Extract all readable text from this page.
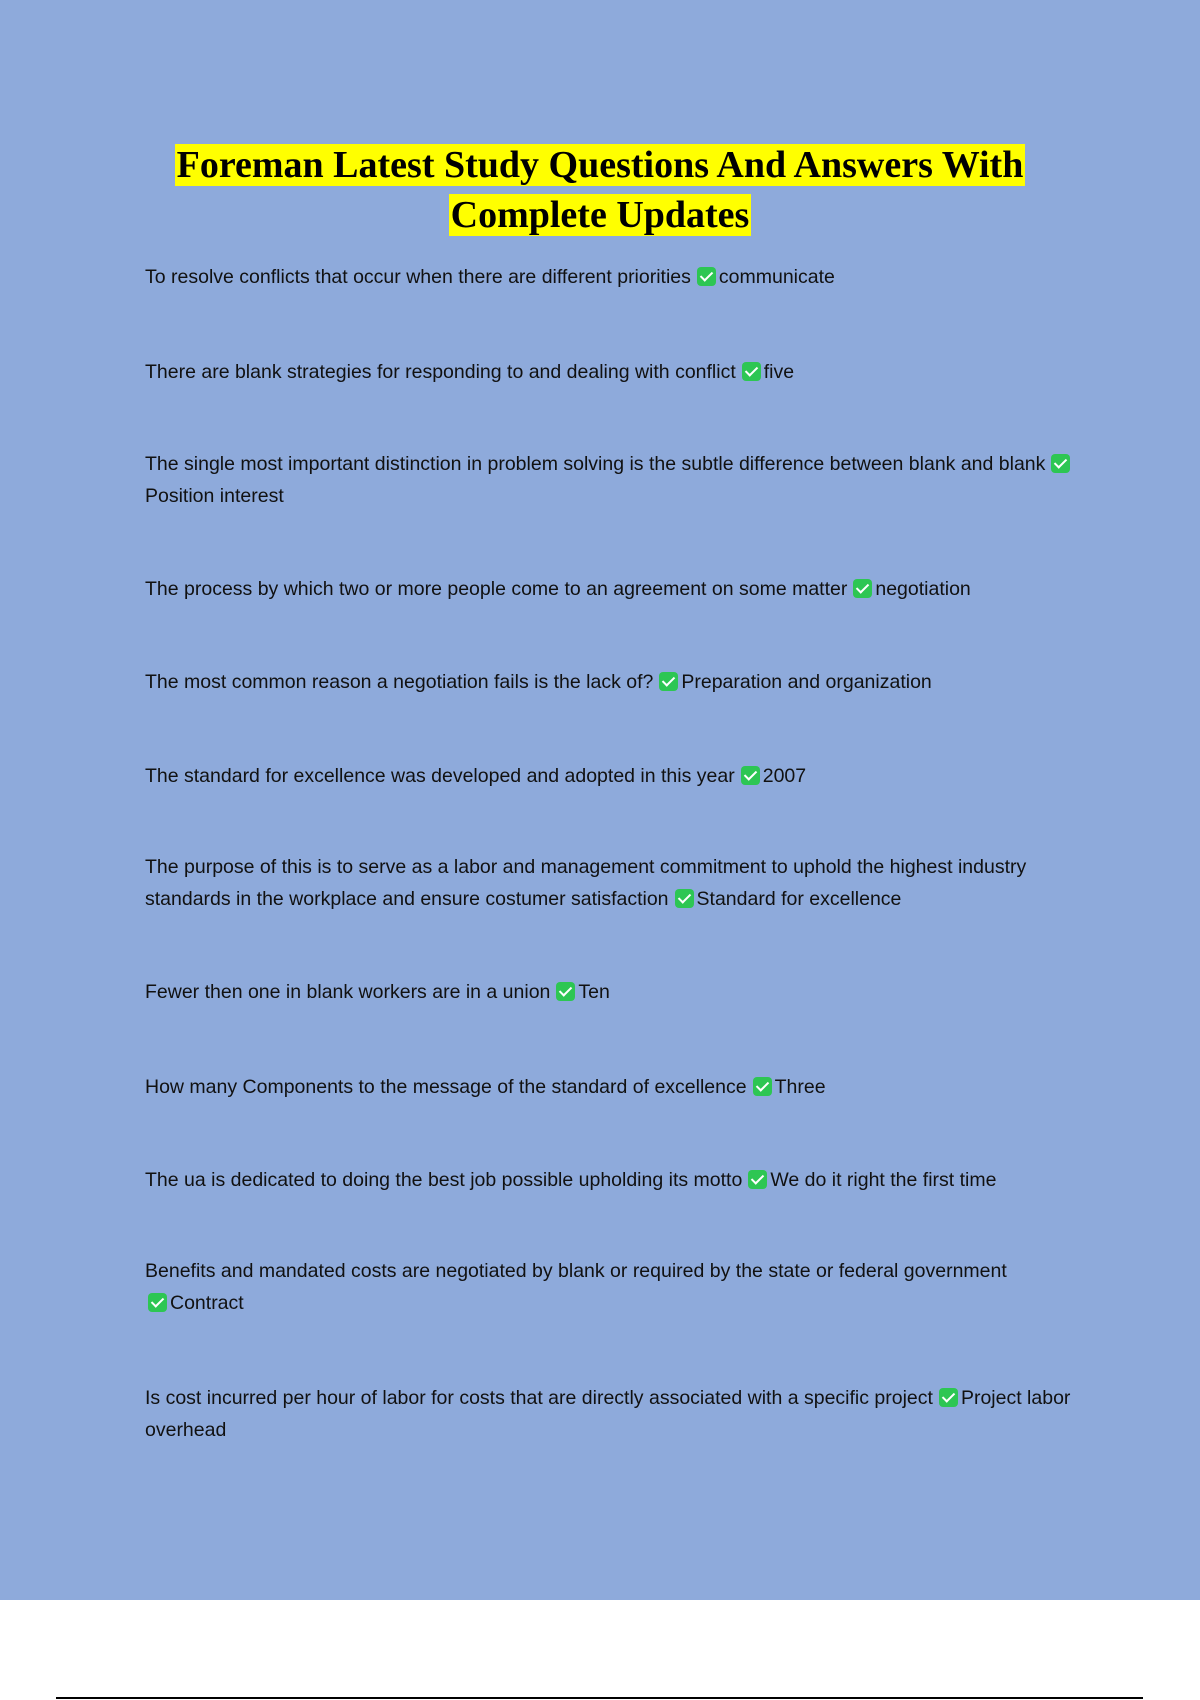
Foreman Latest Study Questions And Answers With
Complete Updates

To resolve conflicts that occur when there are different priorities communicate

There are blank strategies for responding to and dealing with conflict five

The single most important distinction in problem solving is the subtle difference between blank and blankPosition interest

The process by which two or more people come to an agreement on some matter negotiation

The most common reason a negotiation fails is the lack of? Preparation and organization

The standard for excellence was developed and adopted in this year 2007

The purpose of this is to serve as a labor and management commitment to uphold the highest industry standards in the workplace and ensure costumer satisfaction Standard for excellence

Fewer then one in blank workers are in a union Ten

How many Components to the message of the standard of excellence Three

The ua is dedicated to doing the best job possible upholding its motto We do it right the first time

Benefits and mandated costs are negotiated by blank or required by the state or federal government
Contract

Is cost incurred per hour of labor for costs that are directly associated with a specific project Project labor overhead
